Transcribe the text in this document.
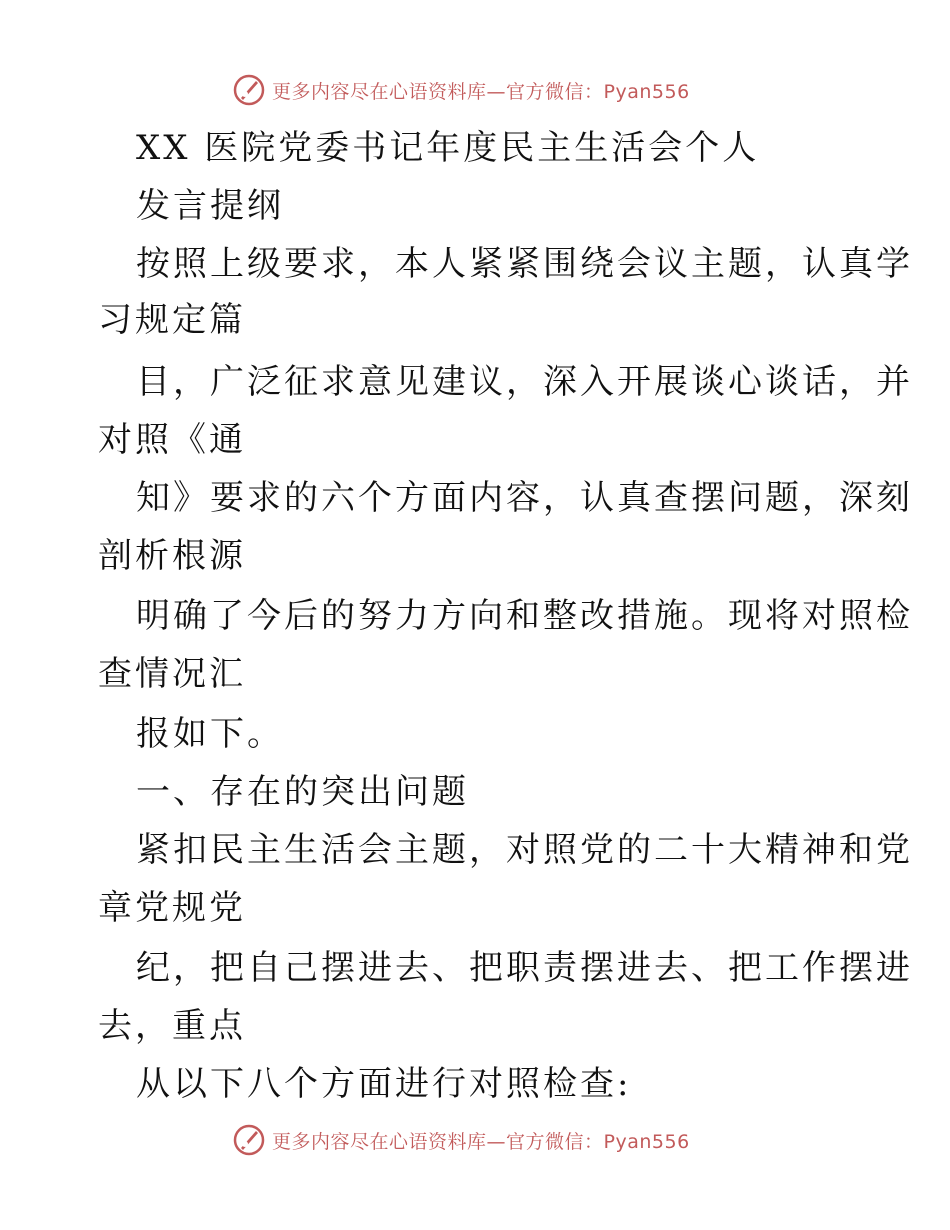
更多内容尽在心语资料库—官方微信：Pyan556
XX 医院党委书记年度民主生活会个人
发言提纲
按照上级要求，本人紧紧围绕会议主题，认真学
习规定篇
目，广泛征求意见建议，深入开展谈心谈话，并
对照《通
知》要求的六个方面内容，认真查摆问题，深刻
剖析根源
明确了今后的努力方向和整改措施。现将对照检
查情况汇
报如下。
一、存在的突出问题
紧扣民主生活会主题，对照党的二十大精神和党
章党规党
纪，把自己摆进去、把职责摆进去、把工作摆进
去，重点
从以下八个方面进行对照检查:
更多内容尽在心语资料库—官方微信：Pyan556
